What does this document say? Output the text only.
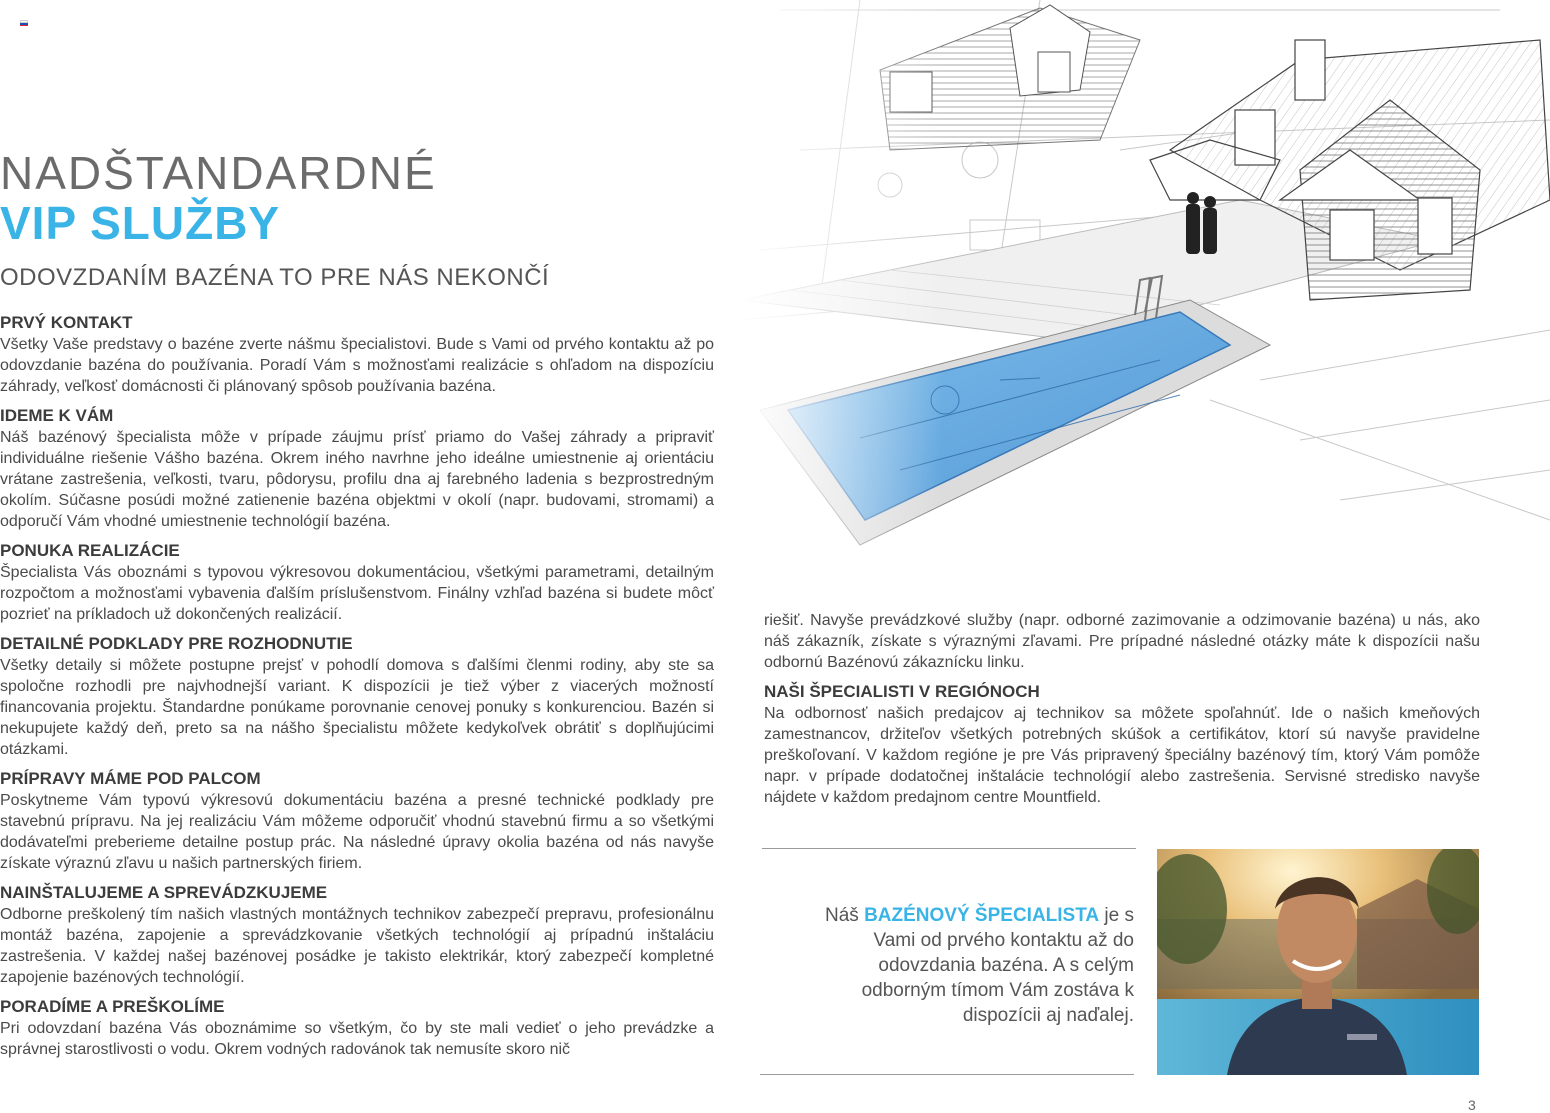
NADŠTANDARDNÉ
VIP SLUŽBY
ODOVZDANÍM BAZÉNA TO PRE NÁS NEKONČÍ
PRVÝ KONTAKT

Všetky Vaše predstavy o bazéne zverte nášmu špecialistovi. Bude s Vami od prvého kontaktu až po odovzdanie bazéna do používania. Poradí Vám s možnosťami realizácie s ohľadom na dispozíciu záhrady, veľkosť domácnosti či plánovaný spôsob používania bazéna.

IDEME K VÁM

Náš bazénový špecialista môže v prípade záujmu prísť priamo do Vašej záhrady a pripraviť individuálne riešenie Vášho bazéna. Okrem iného navrhne jeho ideálne umiestnenie aj orientáciu vrátane zastrešenia, veľkosti, tvaru, pôdorysu, profilu dna aj farebného ladenia s bezprostredným okolím. Súčasne posúdi možné zatienenie bazéna objektmi v okolí (napr. budovami, stromami) a odporučí Vám vhodné umiestnenie technológií bazéna.

PONUKA REALIZÁCIE

Špecialista Vás oboznámi s typovou výkresovou dokumentáciou, všetkými parametrami, detailným rozpočtom a možnosťami vybavenia ďalším príslušenstvom. Finálny vzhľad bazéna si budete môcť pozrieť na príkladoch už dokončených realizácií.

DETAILNÉ PODKLADY PRE ROZHODNUTIE

Všetky detaily si môžete postupne prejsť v pohodlí domova s ďalšími členmi rodiny, aby ste sa spoločne rozhodli pre najvhodnejší variant. K dispozícii je tiež výber z viacerých možností financovania projektu. Štandardne ponúkame porovnanie cenovej ponuky s konkurenciou. Bazén si nekupujete každý deň, preto sa na nášho špecialistu môžete kedykoľvek obrátiť s doplňujúcimi otázkami.

PRÍPRAVY MÁME POD PALCOM

Poskytneme Vám typovú výkresovú dokumentáciu bazéna a presné technické podklady pre stavebnú prípravu. Na jej realizáciu Vám môžeme odporučiť vhodnú stavebnú firmu a so všetkými dodávateľmi preberieme detailne postup prác. Na následné úpravy okolia bazéna od nás navyše získate výraznú zľavu u našich partnerských firiem.

NAINŠTALUJEME A SPREVÁDZKUJEME

Odborne preškolený tím našich vlastných montážnych technikov zabezpečí prepravu, profesionálnu montáž bazéna, zapojenie a sprevádzkovanie všetkých technológií aj prípadnú inštaláciu zastrešenia. V každej našej bazénovej posádke je takisto elektrikár, ktorý zabezpečí kompletné zapojenie bazénových technológií.

PORADÍME A PREŠKOLÍME

Pri odovzdaní bazéna Vás oboznámime so všetkým, čo by ste mali vedieť o jeho prevádzke a správnej starostlivosti o vodu. Okrem vodných radovánok tak nemusíte skoro nič

riešiť. Navyše prevádzkové služby (napr. odborné zazimovanie a odzimovanie bazéna) u nás, ako náš zákazník, získate s výraznými zľavami. Pre prípadné následné otázky máte k dispozícii našu odbornú Bazénovú zákaznícku linku.

NAŠI ŠPECIALISTI V REGIÓNOCH

Na odbornosť našich predajcov aj technikov sa môžete spoľahnúť. Ide o našich kmeňových zamestnancov, držiteľov všetkých potrebných skúšok a certifikátov, ktorí sú navyše pravidelne preškoľovaní. V každom regióne je pre Vás pripravený špeciálny bazénový tím, ktorý Vám pomôže napr. v prípade dodatočnej inštalácie technológií alebo zastrešenia. Servisné stredisko navyše nájdete v každom predajnom centre Mountfield.

Náš BAZÉNOVÝ ŠPECIALISTA je s Vami od prvého kontaktu až do odovzdania bazéna. A s celým odborným tímom Vám zostáva k dispozícii aj naďalej.
3
